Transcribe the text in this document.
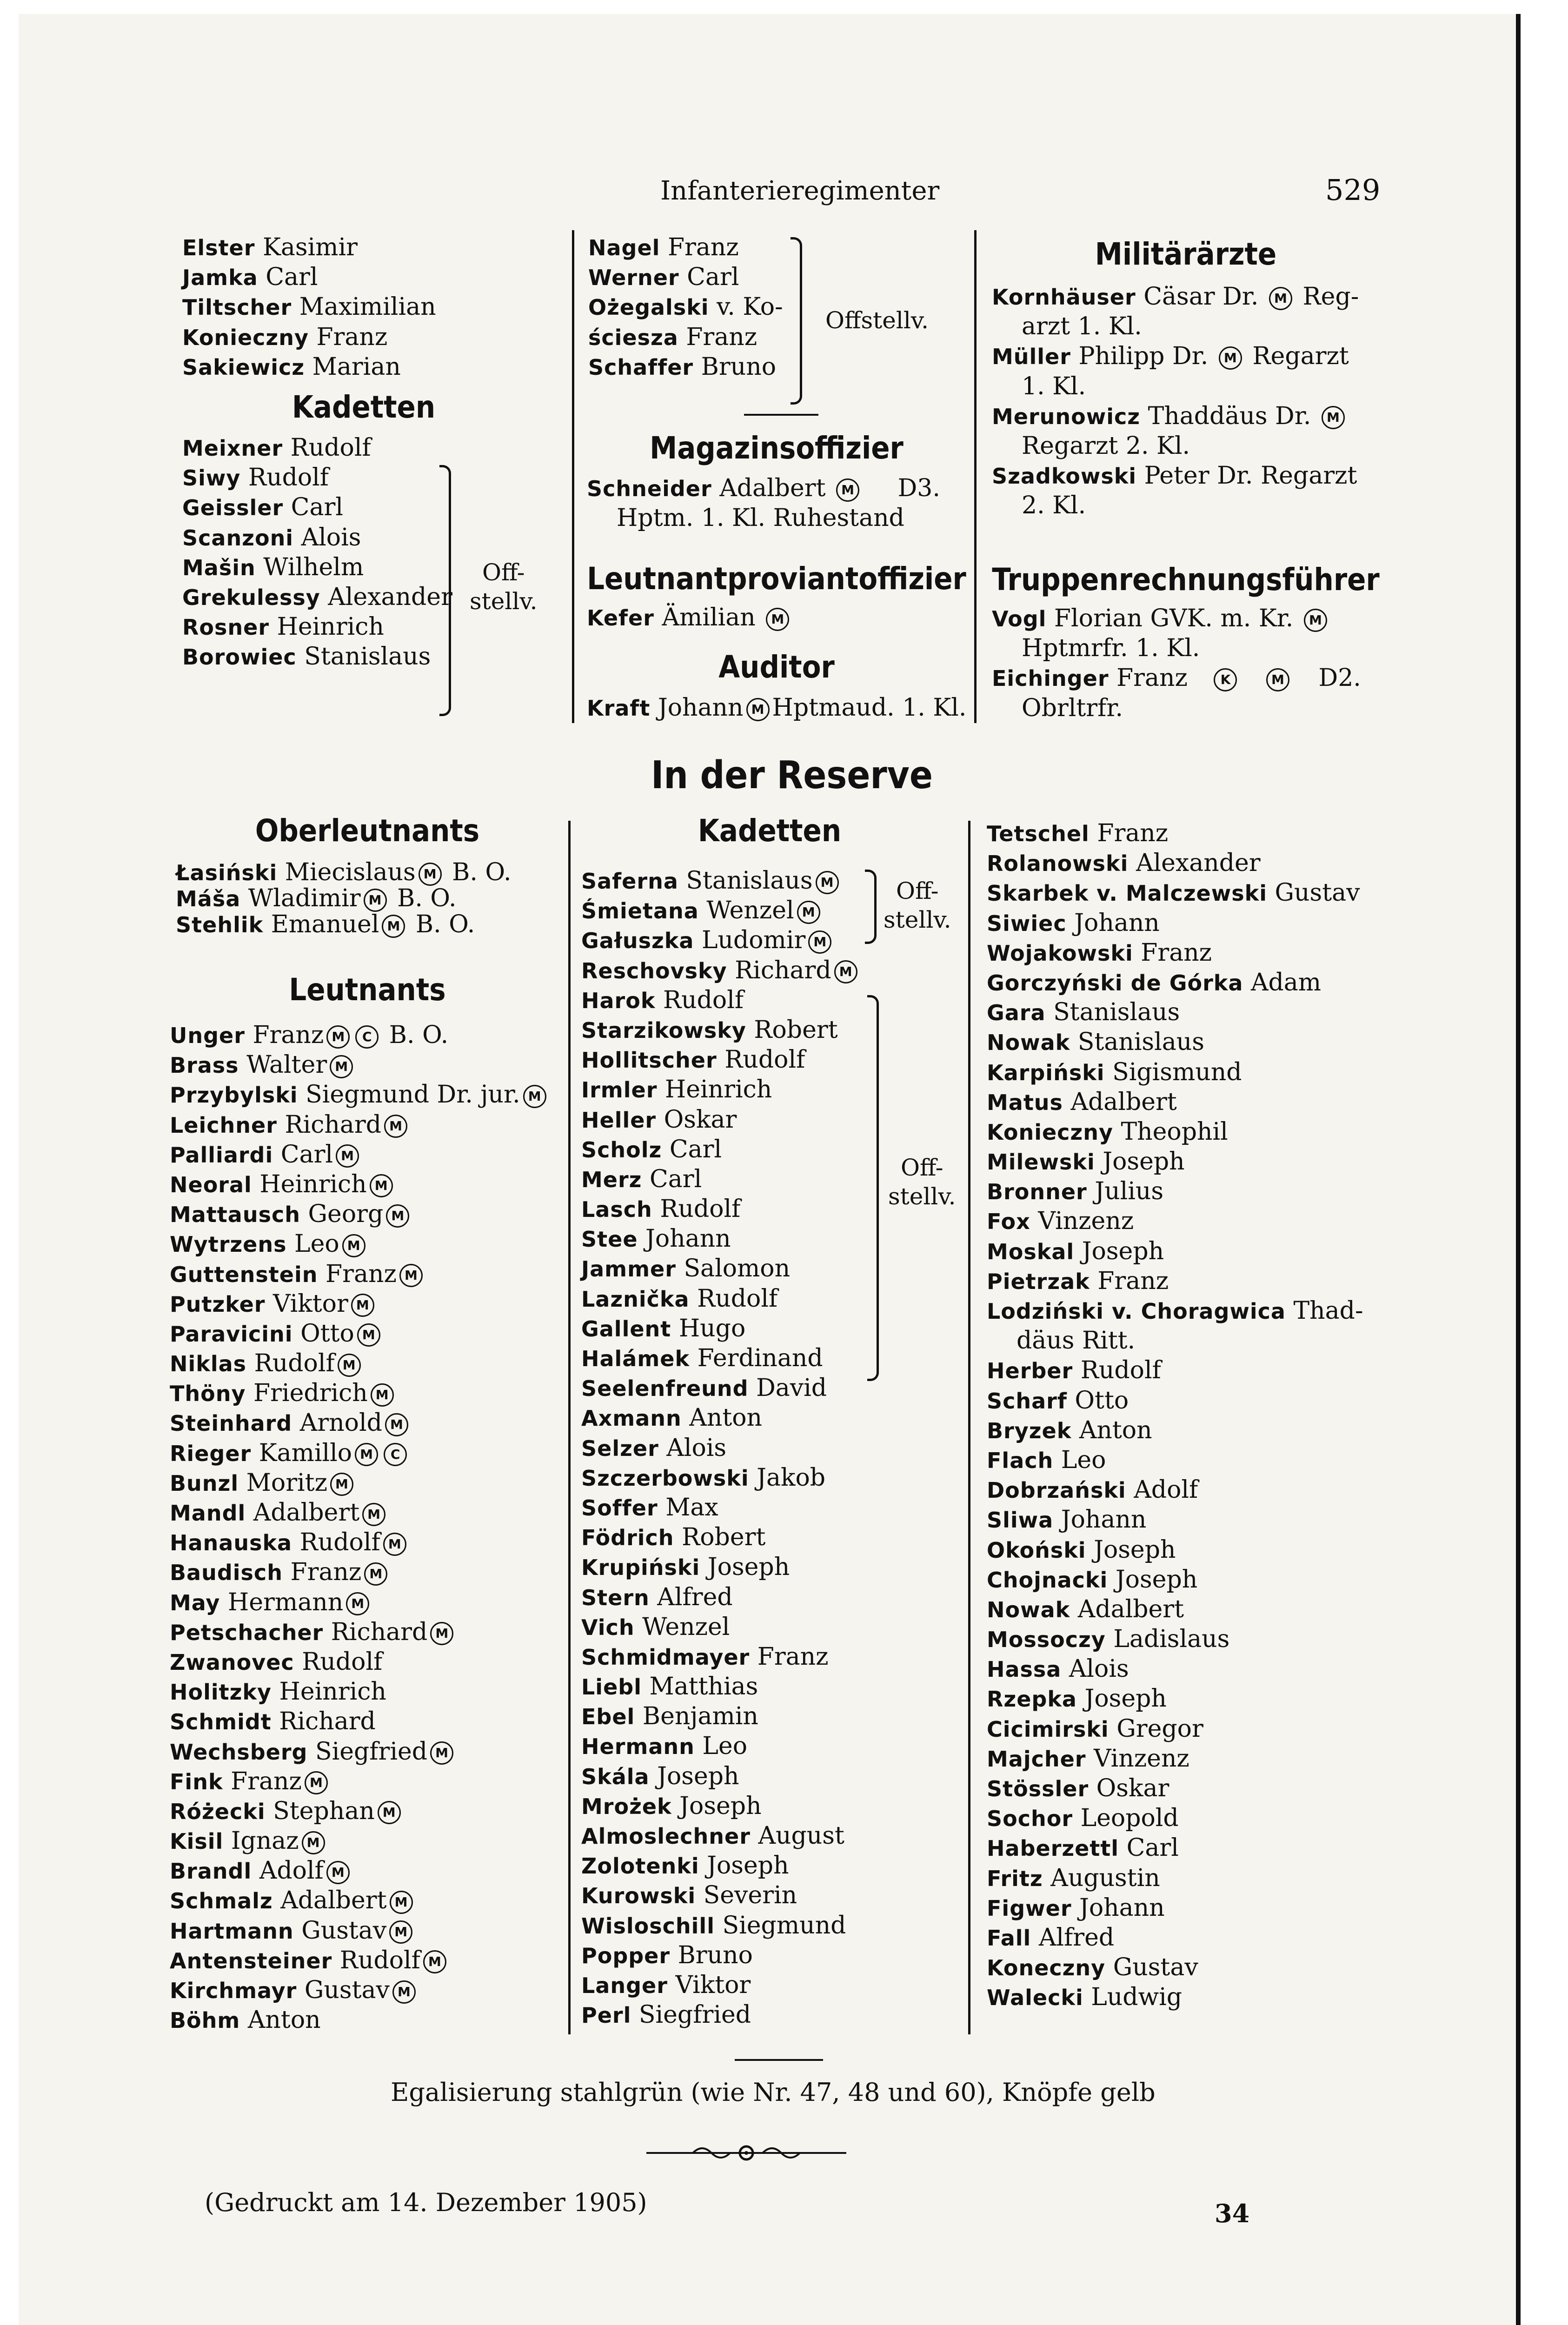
Infanterieregimenter	529
Elster Kasimir
Jamka Carl
Tiltscher Maximilian
Konieczny Franz
Sakiewicz Marian
Kadetten
Meixner Rudolf
Siwy Rudolf
Geissler Carl
Scanzoni Alois
Mašin Wilhelm
Grekulessy Alexander
Rosner Heinrich
Borowiec Stanislaus
Off-
stellv.
Nagel Franz
Werner Carl
Ożegalski v. Ko-
ściesza Franz
Schaffer Bruno
Offstellv.
Magazinsoffizier
Schneider Adalbert M D3.
Hptm. 1. Kl. Ruhestand
Leutnantproviantoffizier
Kefer Ämilian M
Auditor
Kraft Johann M Hptmaud. 1. Kl.
Militärärzte
Kornhäuser Cäsar Dr. M Reg-
arzt 1. Kl.
Müller Philipp Dr. M Regarzt
1. Kl.
Merunowicz Thaddäus Dr. M
Regarzt 2. Kl.
Szadkowski Peter Dr. Regarzt
2. Kl.
Truppenrechnungsführer
Vogl Florian GVK. m. Kr. M
Hptmrfr. 1. Kl.
Eichinger Franz	K	M D2.
Obrltrfr.
In der Reserve
Oberleutnants
Łasiński Miecislaus M B. O.
Máša Wladimir M B. O.
Stehlik Emanuel M B. O.
Leutnants
Unger Franz M C B. O.
Brass Walter M
Przybylski Siegmund Dr. jur. M
Leichner Richard M
Palliardi Carl M
Neoral Heinrich M
Mattausch Georg M
Wytrzens Leo M
Guttenstein Franz M
Putzker Viktor M
Paravicini Otto M
Niklas Rudolf M
Thöny Friedrich M
Steinhard Arnold M
Rieger Kamillo M C
Bunzl Moritz M
Mandl Adalbert M
Hanauska Rudolf M
Baudisch Franz M
May Hermann M
Petschacher Richard M
Zwanovec Rudolf
Holitzky Heinrich
Schmidt Richard
Wechsberg Siegfried M
Fink Franz M
Różecki Stephan M
Kisil Ignaz M
Brandl Adolf M
Schmalz Adalbert M
Hartmann Gustav M
Antensteiner Rudolf M
Kirchmayr Gustav M
Böhm Anton
Kadetten
Saferna Stanislaus M
Śmietana Wenzel M
Gałuszka Ludomir M
Reschovsky Richard M
Harok Rudolf
Starzikowsky Robert
Hollitscher Rudolf
Irmler Heinrich
Heller Oskar
Scholz Carl
Merz Carl
Lasch Rudolf
Stee Johann
Jammer Salomon
Laznička Rudolf
Gallent Hugo
Halámek Ferdinand
Seelenfreund David
Axmann Anton
Selzer Alois
Szczerbowski Jakob
Soffer Max
Födrich Robert
Krupiński Joseph
Stern Alfred
Vich Wenzel
Schmidmayer Franz
Liebl Matthias
Ebel Benjamin
Hermann Leo
Skála Joseph
Mrożek Joseph
Almoslechner August
Zolotenki Joseph
Kurowski Severin
Wisloschill Siegmund
Popper Bruno
Langer Viktor
Perl Siegfried
Off-
stellv.
Off-
stellv.
Tetschel Franz
Rolanowski Alexander
Skarbek v. Malczewski Gustav
Siwiec Johann
Wojakowski Franz
Gorczyński de Górka Adam
Gara Stanislaus
Nowak Stanislaus
Karpiński Sigismund
Matus Adalbert
Konieczny Theophil
Milewski Joseph
Bronner Julius
Fox Vinzenz
Moskal Joseph
Pietrzak Franz
Lodziński v. Choragwica Thad-
däus Ritt.
Herber Rudolf
Scharf Otto
Bryzek Anton
Flach Leo
Dobrzański Adolf
Sliwa Johann
Okoński Joseph
Chojnacki Joseph
Nowak Adalbert
Mossoczy Ladislaus
Hassa Alois
Rzepka Joseph
Cicimirski Gregor
Majcher Vinzenz
Stössler Oskar
Sochor Leopold
Haberzettl Carl
Fritz Augustin
Figwer Johann
Fall Alfred
Koneczny Gustav
Walecki Ludwig
Egalisierung stahlgrün (wie Nr. 47, 48 und 60), Knöpfe gelb
(Gedruckt am 14. Dezember 1905)	34
